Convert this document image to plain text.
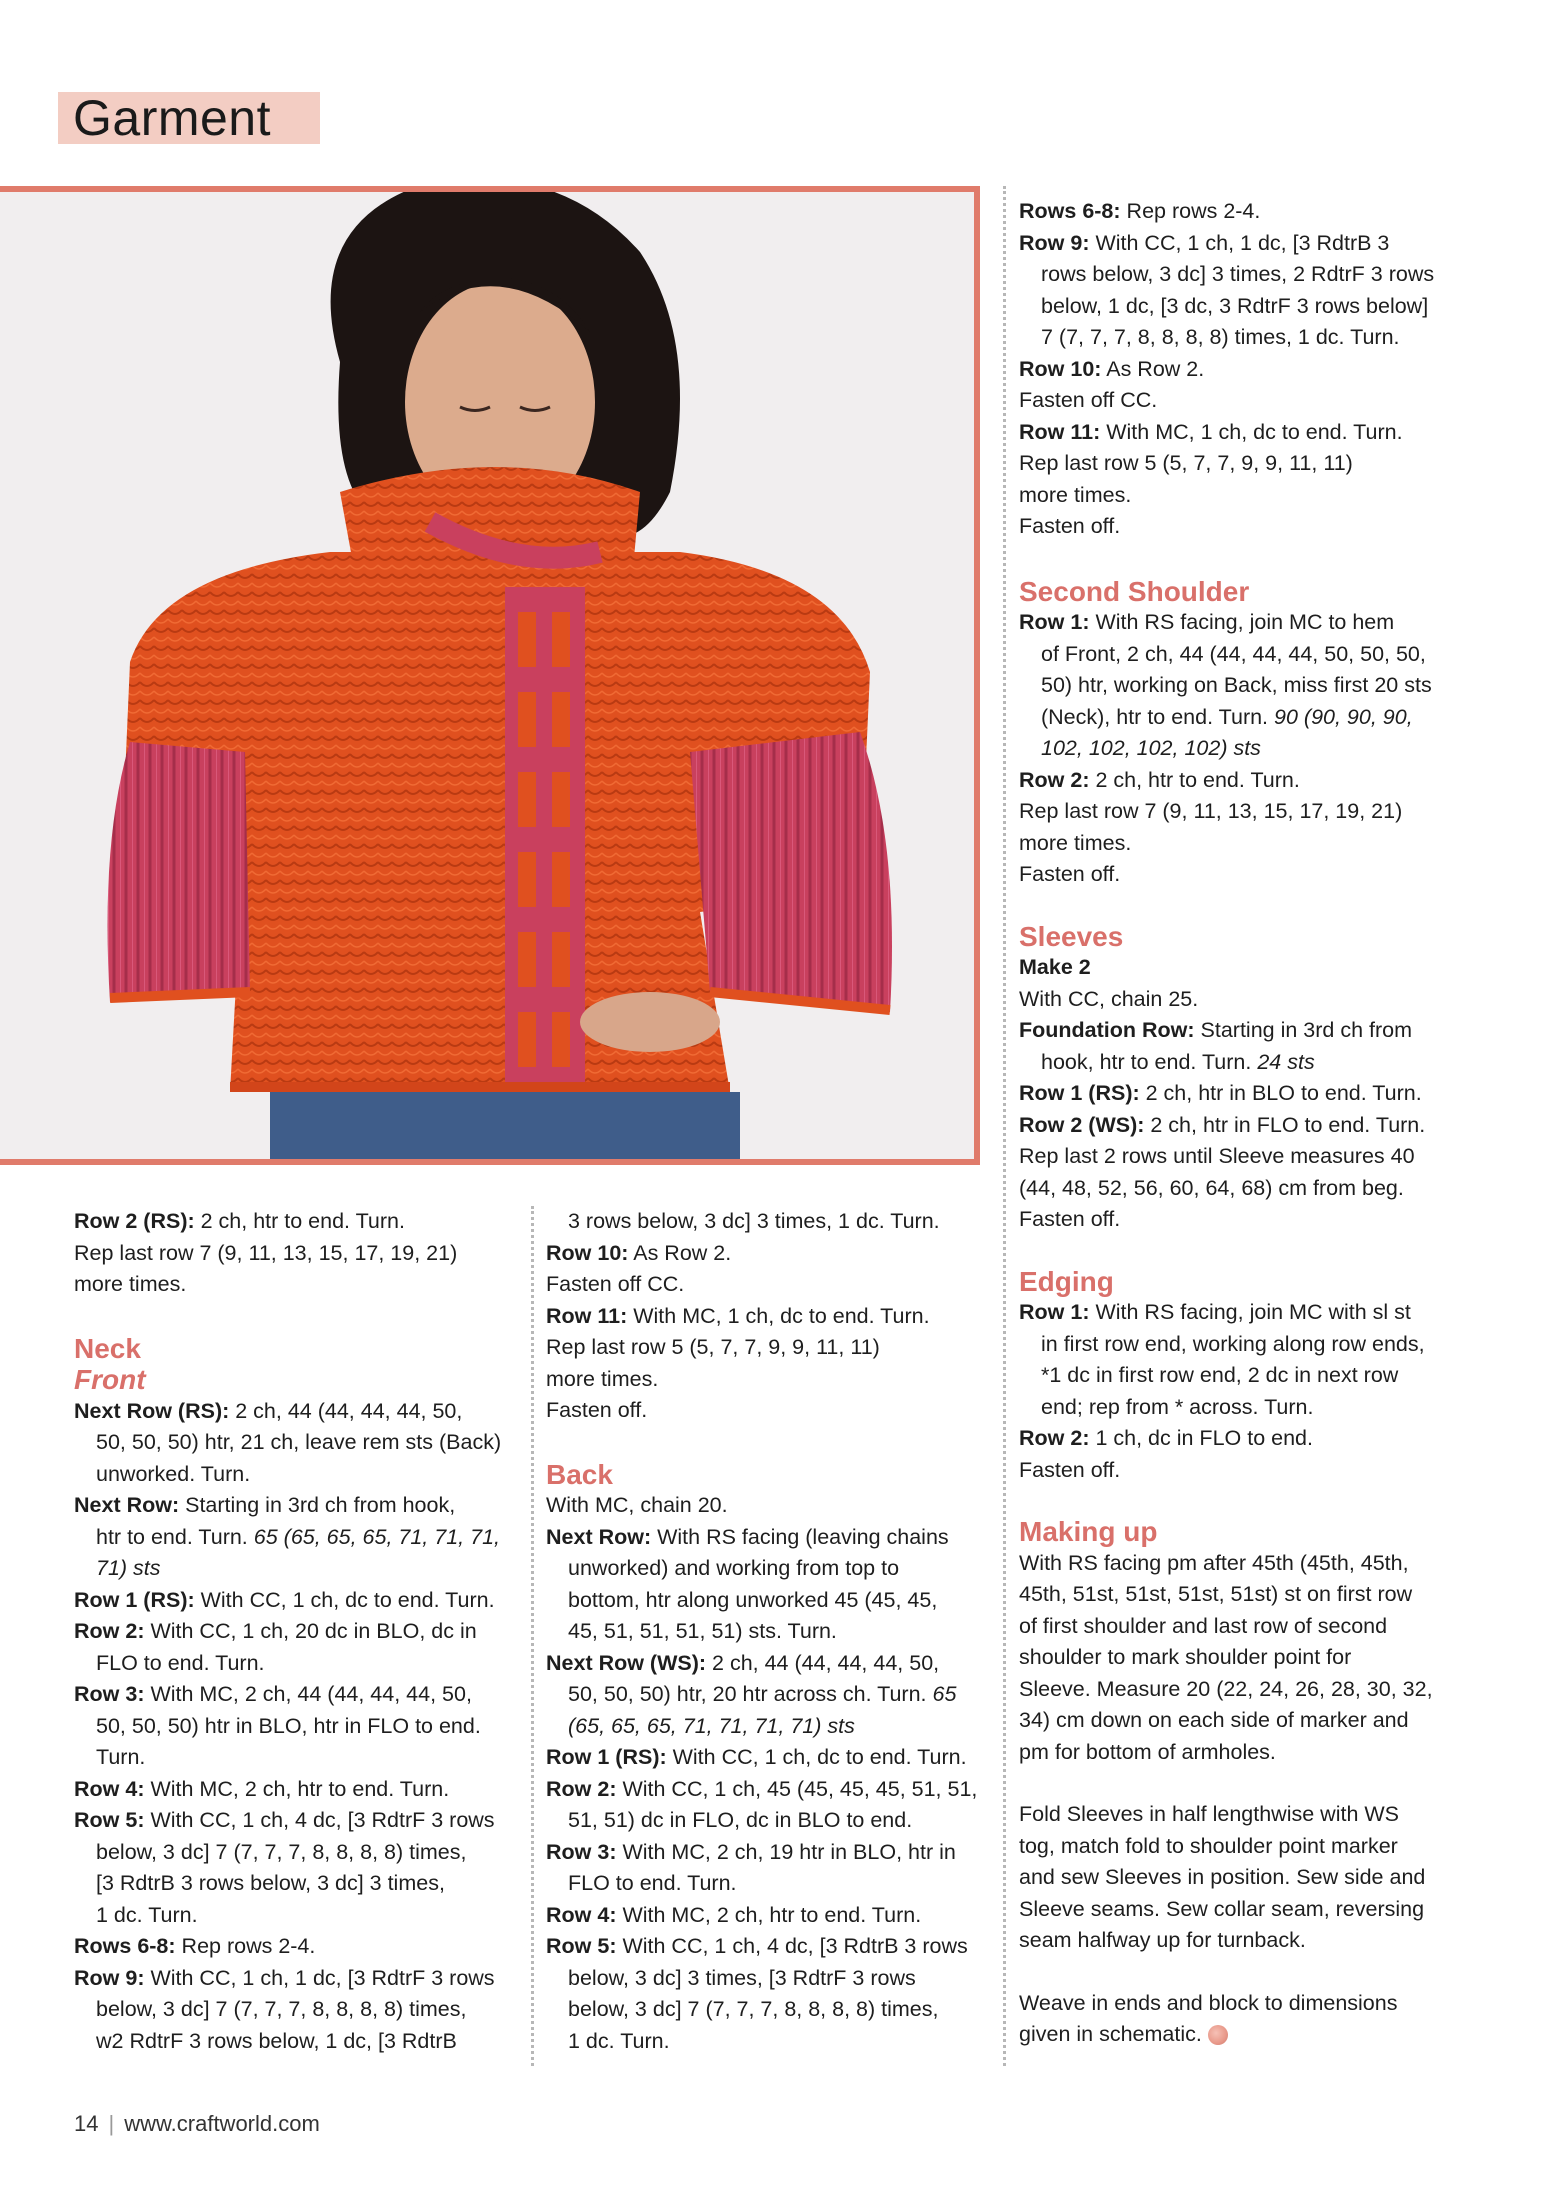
Garment

Rows 6-8: Rep rows 2-4.

Row 9: With CC, 1 ch, 1 dc, [3 RdtrB 3

rows below, 3 dc] 3 times, 2 RdtrF 3 rows

below, 1 dc, [3 dc, 3 RdtrF 3 rows below]

7 (7, 7, 7, 8, 8, 8, 8) times, 1 dc. Turn.

Row 10: As Row 2.

Fasten off CC.

Row 11: With MC, 1 ch, dc to end. Turn.

Rep last row 5 (5, 7, 7, 9, 9, 11, 11)

more times.

Fasten off.

Second Shoulder

Row 1: With RS facing, join MC to hem

of Front, 2 ch, 44 (44, 44, 44, 50, 50, 50,

50) htr, working on Back, miss first 20 sts

(Neck), htr to end. Turn. 90 (90, 90, 90,

102, 102, 102, 102) sts

Row 2: 2 ch, htr to end. Turn.

Rep last row 7 (9, 11, 13, 15, 17, 19, 21)

more times.

Fasten off.

Sleeves

Make 2

With CC, chain 25.

Foundation Row: Starting in 3rd ch from

hook, htr to end. Turn. 24 sts

Row 1 (RS): 2 ch, htr in BLO to end. Turn.

Row 2 (WS): 2 ch, htr in FLO to end. Turn.

Rep last 2 rows until Sleeve measures 40

(44, 48, 52, 56, 60, 64, 68) cm from beg.

Fasten off.

Edging

Row 1: With RS facing, join MC with sl st

in first row end, working along row ends,

*1 dc in first row end, 2 dc in next row

end; rep from * across. Turn.

Row 2: 1 ch, dc in FLO to end.

Fasten off.

Making up

With RS facing pm after 45th (45th, 45th,

45th, 51st, 51st, 51st, 51st) st on first row

of first shoulder and last row of second

shoulder to mark shoulder point for

Sleeve. Measure 20 (22, 24, 26, 28, 30, 32,

34) cm down on each side of marker and

pm for bottom of armholes.

Fold Sleeves in half lengthwise with WS

tog, match fold to shoulder point marker

and sew Sleeves in position. Sew side and

Sleeve seams. Sew collar seam, reversing

seam halfway up for turnback.

Weave in ends and block to dimensions

given in schematic.

Row 2 (RS): 2 ch, htr to end. Turn.

Rep last row 7 (9, 11, 13, 15, 17, 19, 21)

more times.

Neck

Front

Next Row (RS): 2 ch, 44 (44, 44, 44, 50,

50, 50, 50) htr, 21 ch, leave rem sts (Back)

unworked. Turn.

Next Row: Starting in 3rd ch from hook,

htr to end. Turn. 65 (65, 65, 65, 71, 71, 71,

71) sts

Row 1 (RS): With CC, 1 ch, dc to end. Turn.

Row 2: With CC, 1 ch, 20 dc in BLO, dc in

FLO to end. Turn.

Row 3: With MC, 2 ch, 44 (44, 44, 44, 50,

50, 50, 50) htr in BLO, htr in FLO to end.

Turn.

Row 4: With MC, 2 ch, htr to end. Turn.

Row 5: With CC, 1 ch, 4 dc, [3 RdtrF 3 rows

below, 3 dc] 7 (7, 7, 7, 8, 8, 8, 8) times,

[3 RdtrB 3 rows below, 3 dc] 3 times,

1 dc. Turn.

Rows 6-8: Rep rows 2-4.

Row 9: With CC, 1 ch, 1 dc, [3 RdtrF 3 rows

below, 3 dc] 7 (7, 7, 7, 8, 8, 8, 8) times,

w2 RdtrF 3 rows below, 1 dc, [3 RdtrB

3 rows below, 3 dc] 3 times, 1 dc. Turn.

Row 10: As Row 2.

Fasten off CC.

Row 11: With MC, 1 ch, dc to end. Turn.

Rep last row 5 (5, 7, 7, 9, 9, 11, 11)

more times.

Fasten off.

Back

With MC, chain 20.

Next Row: With RS facing (leaving chains

unworked) and working from top to

bottom, htr along unworked 45 (45, 45,

45, 51, 51, 51, 51) sts. Turn.

Next Row (WS): 2 ch, 44 (44, 44, 44, 50,

50, 50, 50) htr, 20 htr across ch. Turn. 65

(65, 65, 65, 71, 71, 71, 71) sts

Row 1 (RS): With CC, 1 ch, dc to end. Turn.

Row 2: With CC, 1 ch, 45 (45, 45, 45, 51, 51,

51, 51) dc in FLO, dc in BLO to end.

Row 3: With MC, 2 ch, 19 htr in BLO, htr in

FLO to end. Turn.

Row 4: With MC, 2 ch, htr to end. Turn.

Row 5: With CC, 1 ch, 4 dc, [3 RdtrB 3 rows

below, 3 dc] 3 times, [3 RdtrF 3 rows

below, 3 dc] 7 (7, 7, 7, 8, 8, 8, 8) times,

1 dc. Turn.

14 | www.craftworld.com
